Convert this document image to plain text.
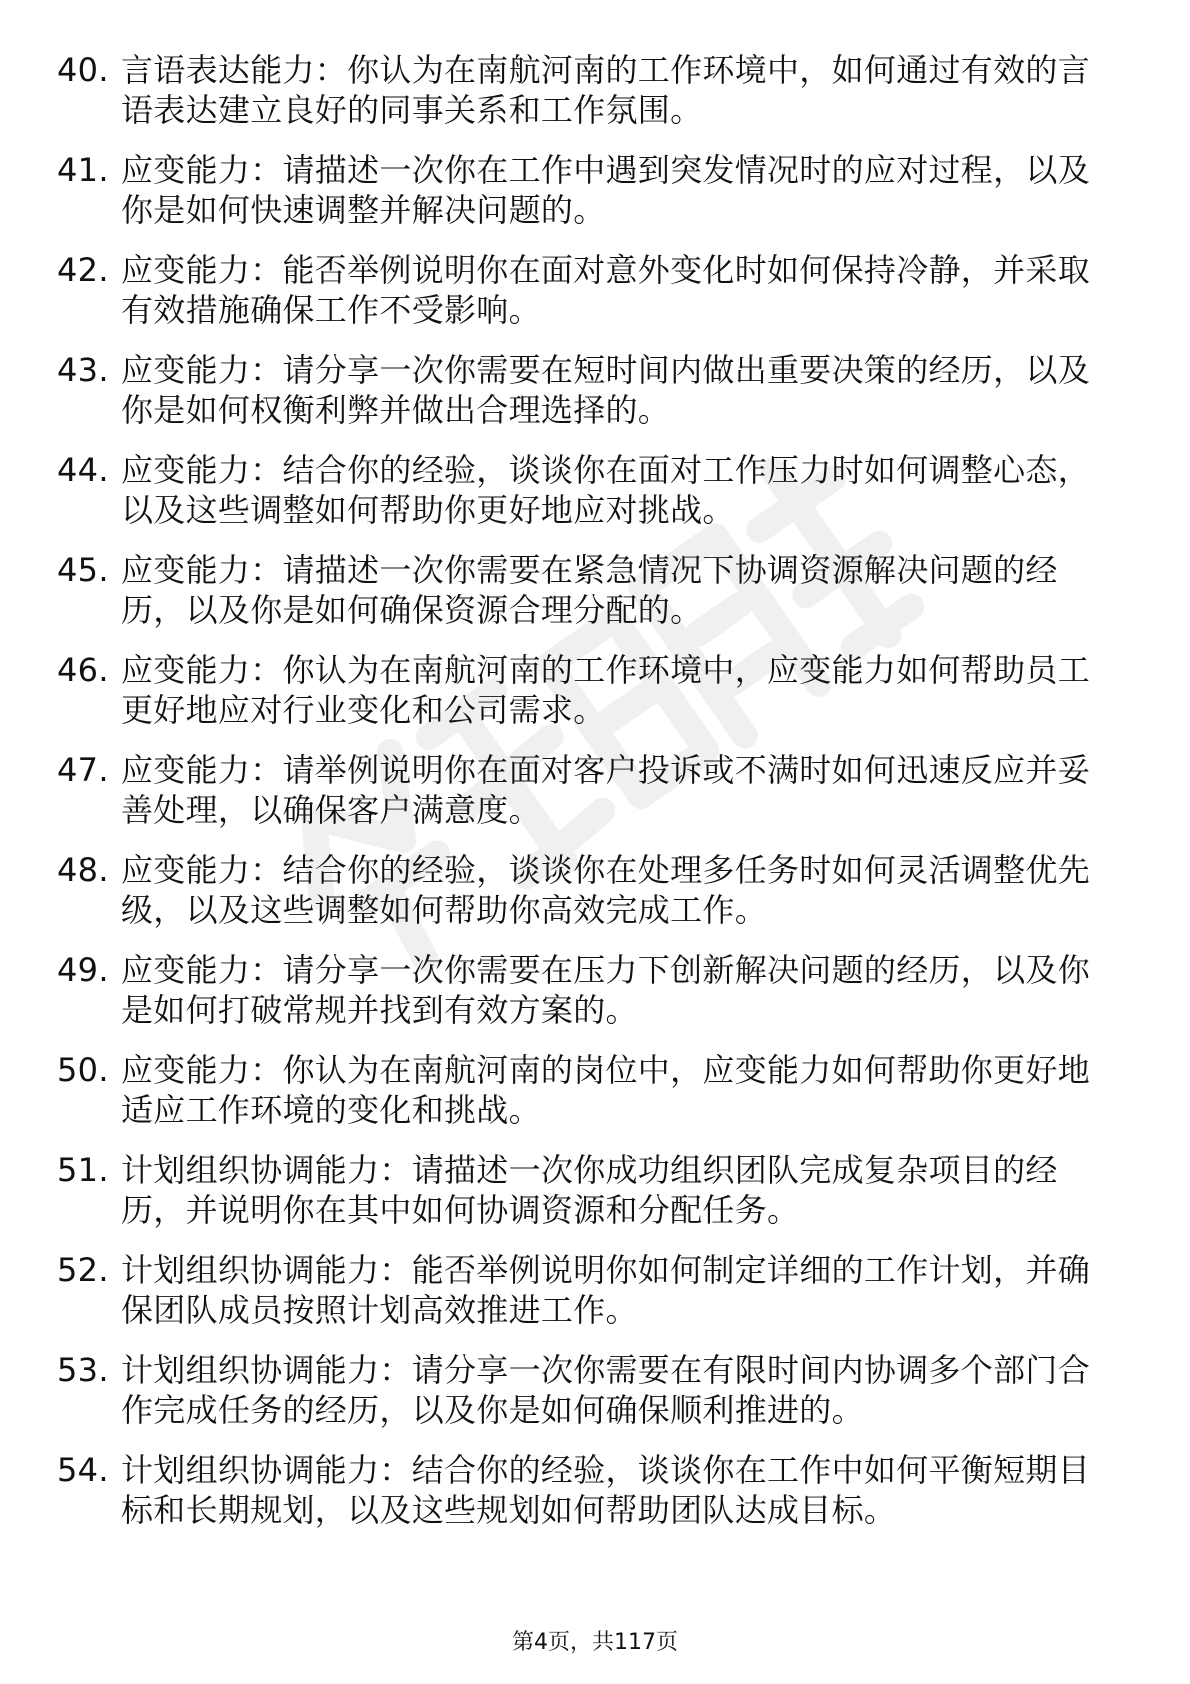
40. 言语表达能力：你认为在南航河南的工作环境中，如何通过有效的言语表达建立良好的同事关系和工作氛围。
41. 应变能力：请描述一次你在工作中遇到突发情况时的应对过程，以及你是如何快速调整并解决问题的。
42. 应变能力：能否举例说明你在面对意外变化时如何保持冷静，并采取有效措施确保工作不受影响。
43. 应变能力：请分享一次你需要在短时间内做出重要决策的经历，以及你是如何权衡利弊并做出合理选择的。
44. 应变能力：结合你的经验，谈谈你在面对工作压力时如何调整心态，以及这些调整如何帮助你更好地应对挑战。
45. 应变能力：请描述一次你需要在紧急情况下协调资源解决问题的经历，以及你是如何确保资源合理分配的。
46. 应变能力：你认为在南航河南的工作环境中，应变能力如何帮助员工更好地应对行业变化和公司需求。
47. 应变能力：请举例说明你在面对客户投诉或不满时如何迅速反应并妥善处理，以确保客户满意度。
48. 应变能力：结合你的经验，谈谈你在处理多任务时如何灵活调整优先级，以及这些调整如何帮助你高效完成工作。
49. 应变能力：请分享一次你需要在压力下创新解决问题的经历，以及你是如何打破常规并找到有效方案的。
50. 应变能力：你认为在南航河南的岗位中，应变能力如何帮助你更好地适应工作环境的变化和挑战。
51. 计划组织协调能力：请描述一次你成功组织团队完成复杂项目的经历，并说明你在其中如何协调资源和分配任务。
52. 计划组织协调能力：能否举例说明你如何制定详细的工作计划，并确保团队成员按照计划高效推进工作。
53. 计划组织协调能力：请分享一次你需要在有限时间内协调多个部门合作完成任务的经历，以及你是如何确保顺利推进的。
54. 计划组织协调能力：结合你的经验，谈谈你在工作中如何平衡短期目标和长期规划，以及这些规划如何帮助团队达成目标。
第4页，共117页
